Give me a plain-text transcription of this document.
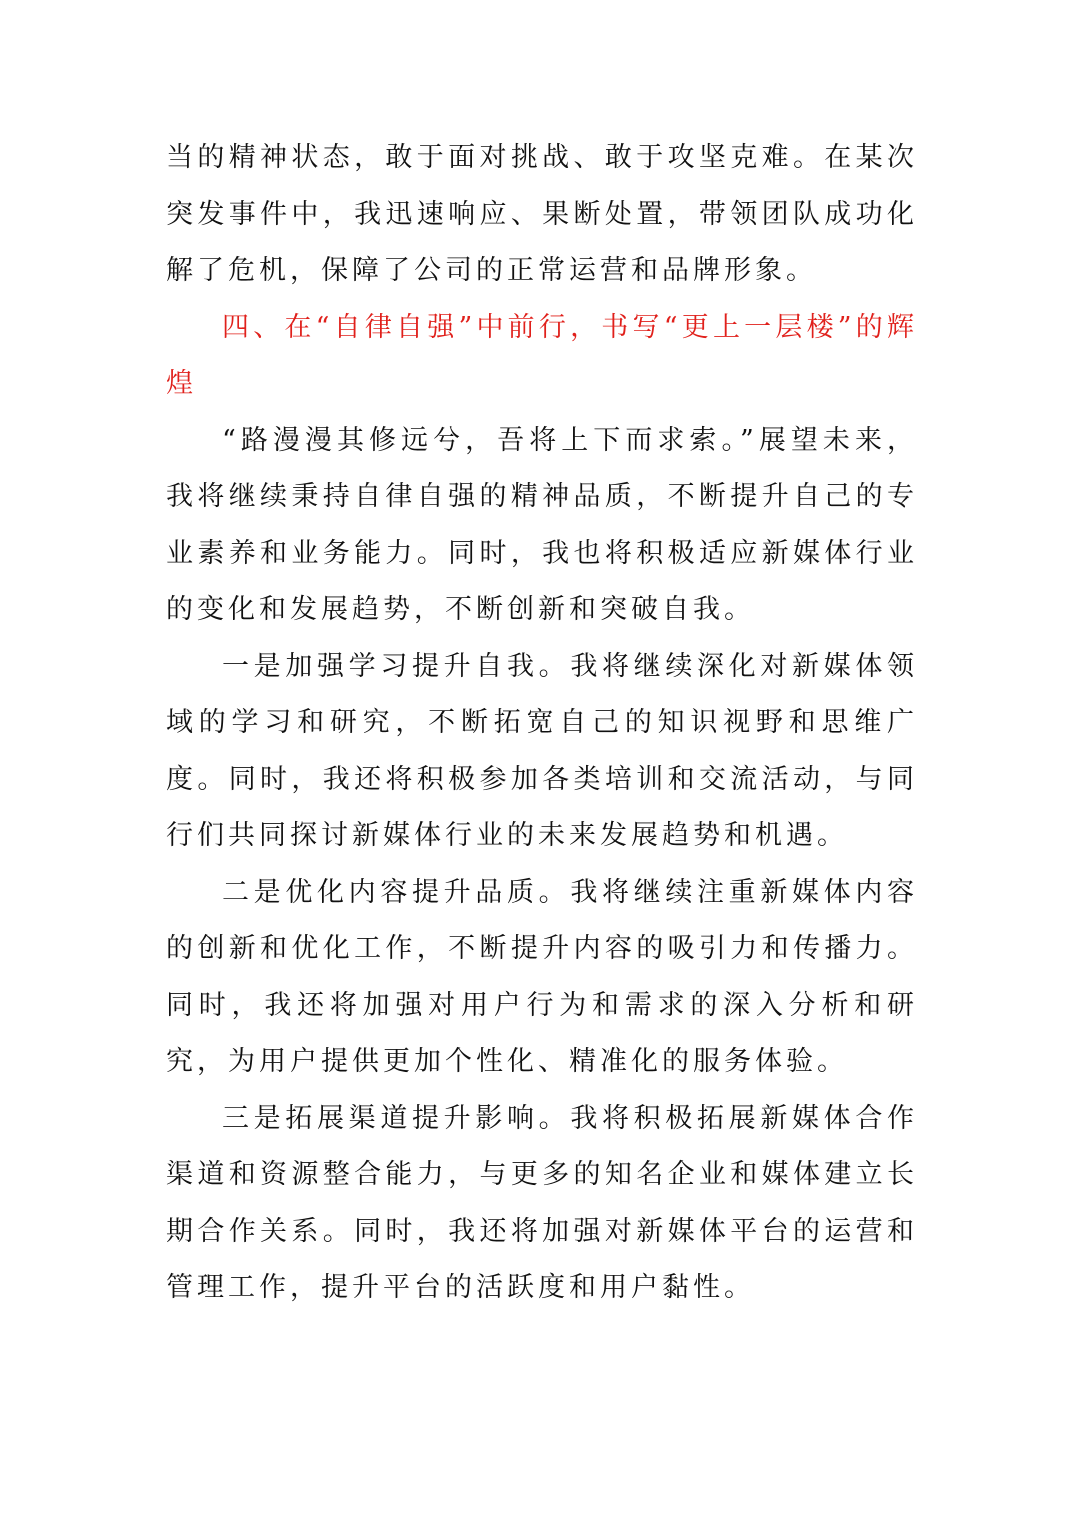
当的精神状态，敢于面对挑战、敢于攻坚克难。在某次突发事件中，我迅速响应、果断处置，带领团队成功化解了危机，保障了公司的正常运营和品牌形象。

四、在“自律自强”中前行，书写“更上一层楼”的辉煌

“路漫漫其修远兮，吾将上下而求索。”展望未来，我将继续秉持自律自强的精神品质，不断提升自己的专业素养和业务能力。同时，我也将积极适应新媒体行业的变化和发展趋势，不断创新和突破自我。

一是加强学习提升自我。我将继续深化对新媒体领域的学习和研究，不断拓宽自己的知识视野和思维广度。同时，我还将积极参加各类培训和交流活动，与同行们共同探讨新媒体行业的未来发展趋势和机遇。

二是优化内容提升品质。我将继续注重新媒体内容的创新和优化工作，不断提升内容的吸引力和传播力。同时，我还将加强对用户行为和需求的深入分析和研究，为用户提供更加个性化、精准化的服务体验。

三是拓展渠道提升影响。我将积极拓展新媒体合作渠道和资源整合能力，与更多的知名企业和媒体建立长期合作关系。同时，我还将加强对新媒体平台的运营和管理工作，提升平台的活跃度和用户黏性。
